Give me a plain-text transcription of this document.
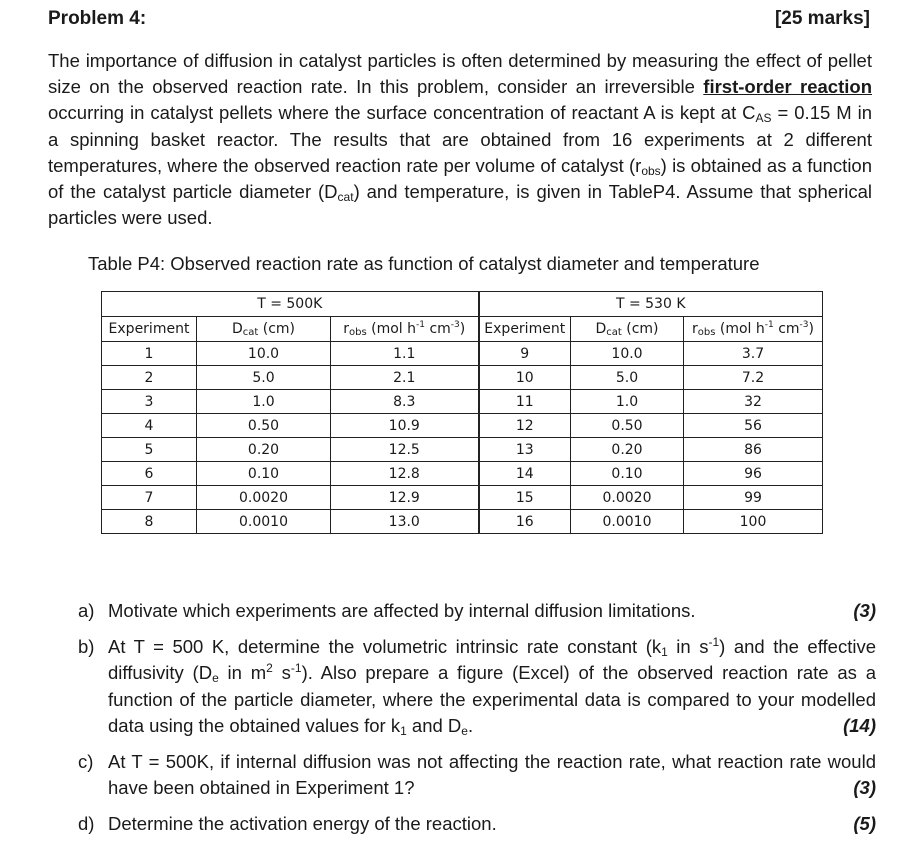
Problem 4:	[25 marks]
The importance of diffusion in catalyst particles is often determined by measuring the effect of pellet size on the observed reaction rate. In this problem, consider an irreversible first-order reaction occurring in catalyst pellets where the surface concentration of reactant A is kept at $C_{AS} = 0.15$ M in a spinning basket reactor. The results that are obtained from 16 experiments at 2 different temperatures, where the observed reaction rate per volume of catalyst $(r_{obs})$ is obtained as a function of the catalyst particle diameter $(D_{cat})$ and temperature, is given in TableP4. Assume that spherical particles were used.
Table P4: Observed reaction rate as function of catalyst diameter and temperature
T = 500K			T = 530 K		
Experiment	$D_{cat}$ (cm)	$r_{obs}$ (mol $h^{-1}$ $cm^{-3}$)	Experiment	$D_{cat}$ (cm)	$r_{obs}$ (mol $h^{-1}$ $cm^{-3}$)
1	10.0	1.1	9	10.0	3.7
2	5.0	2.1	10	5.0	7.2
3	1.0	8.3	11	1.0	32
4	0.50	10.9	12	0.50	56
5	0.20	12.5	13	0.20	86
6	0.10	12.8	14	0.10	96
7	0.0020	12.9	15	0.0020	99
8	0.0010	13.0	16	0.0010	100
a) Motivate which experiments are affected by internal diffusion limitations.	(3)
b) At T = 500 K, determine the volumetric intrinsic rate constant ($k_1$ in $s^{-1}$) and the effective diffusivity ($D_e$ in $m^2$ $s^{-1}$). Also prepare a figure (Excel) of the observed reaction rate as a function of the particle diameter, where the experimental data is compared to your modelled data using the obtained values for $k_1$ and $D_e$.	(14)
c) At T = 500K, if internal diffusion was not affecting the reaction rate, what reaction rate would have been obtained in Experiment 1?	(3)
d) Determine the activation energy of the reaction.	(5)
